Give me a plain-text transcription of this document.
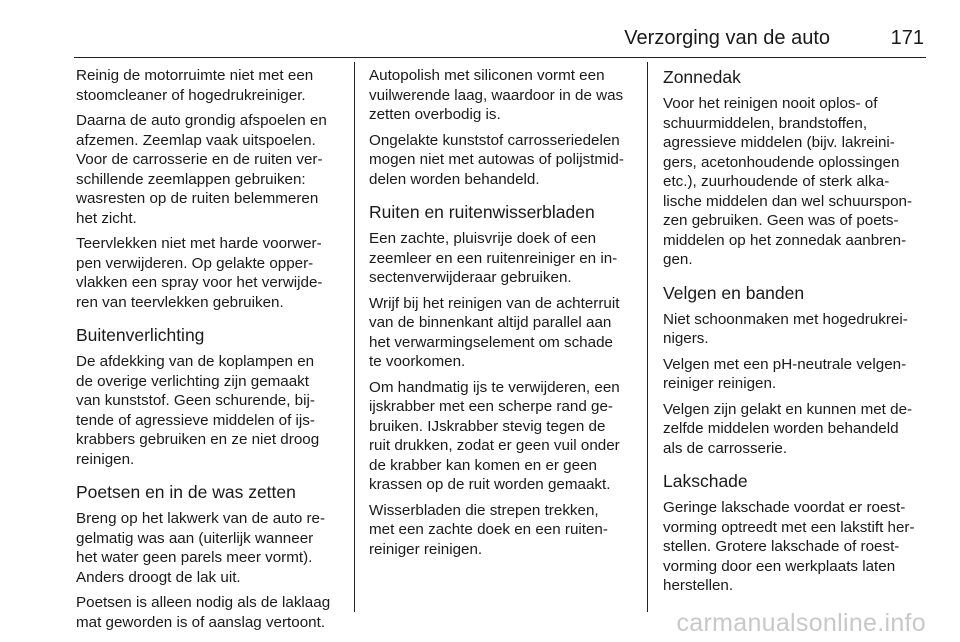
Verzorging van de auto	171

Reinig de motorruimte niet met een
stoomcleaner of hogedrukreiniger.

Daarna de auto grondig afspoelen en
afzemen. Zeemlap vaak uitspoelen.
Voor de carrosserie en de ruiten ver-
schillende zeemlappen gebruiken:
wasresten op de ruiten belemmeren
het zicht.

Teervlekken niet met harde voorwer-
pen verwijderen. Op gelakte opper-
vlakken een spray voor het verwijde-
ren van teervlekken gebruiken.

Buitenverlichting

De afdekking van de koplampen en
de overige verlichting zijn gemaakt
van kunststof. Geen schurende, bij-
tende of agressieve middelen of ijs-
krabbers gebruiken en ze niet droog
reinigen.

Poetsen en in de was zetten

Breng op het lakwerk van de auto re-
gelmatig was aan (uiterlijk wanneer
het water geen parels meer vormt).
Anders droogt de lak uit.

Poetsen is alleen nodig als de laklaag
mat geworden is of aanslag vertoont.

Autopolish met siliconen vormt een
vuilwerende laag, waardoor in de was
zetten overbodig is.

Ongelakte kunststof carrosseriedelen
mogen niet met autowas of polijstmid-
delen worden behandeld.

Ruiten en ruitenwisserbladen

Een zachte, pluisvrije doek of een
zeemleer en een ruitenreiniger en in-
sectenverwijderaar gebruiken.

Wrijf bij het reinigen van de achterruit
van de binnenkant altijd parallel aan
het verwarmingselement om schade
te voorkomen.

Om handmatig ijs te verwijderen, een
ijskrabber met een scherpe rand ge-
bruiken. IJskrabber stevig tegen de
ruit drukken, zodat er geen vuil onder
de krabber kan komen en er geen
krassen op de ruit worden gemaakt.

Wisserbladen die strepen trekken,
met een zachte doek en een ruiten-
reiniger reinigen.

Zonnedak

Voor het reinigen nooit oplos- of
schuurmiddelen, brandstoffen,
agressieve middelen (bijv. lakreini-
gers, acetonhoudende oplossingen
etc.), zuurhoudende of sterk alka-
lische middelen dan wel schuurspon-
zen gebruiken. Geen was of poets-
middelen op het zonnedak aanbren-
gen.

Velgen en banden

Niet schoonmaken met hogedrukrei-
nigers.

Velgen met een pH-neutrale velgen-
reiniger reinigen.

Velgen zijn gelakt en kunnen met de-
zelfde middelen worden behandeld
als de carrosserie.

Lakschade

Geringe lakschade voordat er roest-
vorming optreedt met een lakstift her-
stellen. Grotere lakschade of roest-
vorming door een werkplaats laten
herstellen.

carmanualsonline.info
